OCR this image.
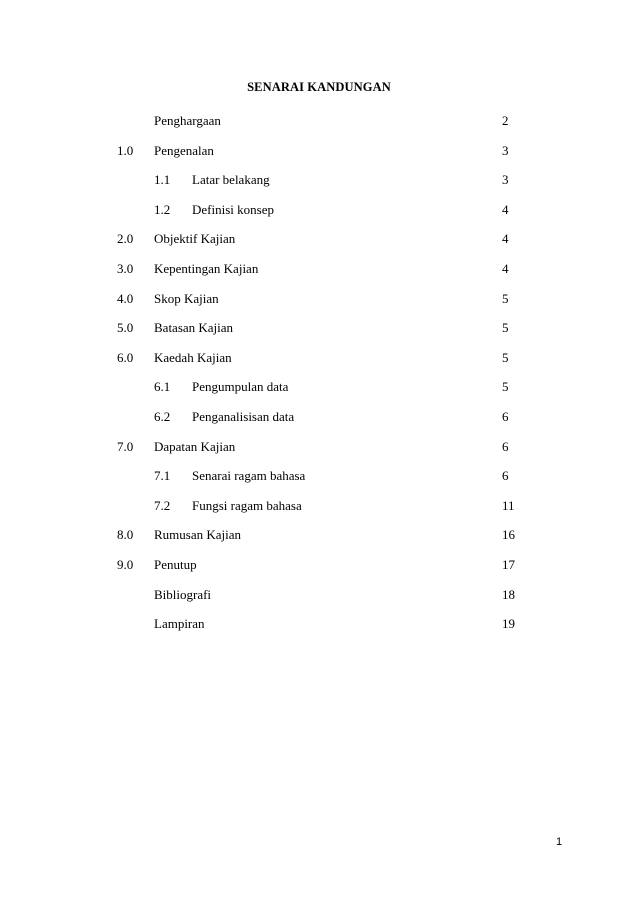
SENARAI KANDUNGAN
Penghargaan	2
1.0 Pengenalan	3
1.1 Latar belakang	3
1.2 Definisi konsep	4
2.0 Objektif Kajian	4
3.0 Kepentingan Kajian	4
4.0 Skop Kajian	5
5.0 Batasan Kajian	5
6.0 Kaedah Kajian	5
6.1 Pengumpulan data	5
6.2 Penganalisisan data	6
7.0 Dapatan Kajian	6
7.1 Senarai ragam bahasa	6
7.2 Fungsi ragam bahasa	11
8.0 Rumusan Kajian	16
9.0 Penutup	17
Bibliografi	18
Lampiran	19
1
